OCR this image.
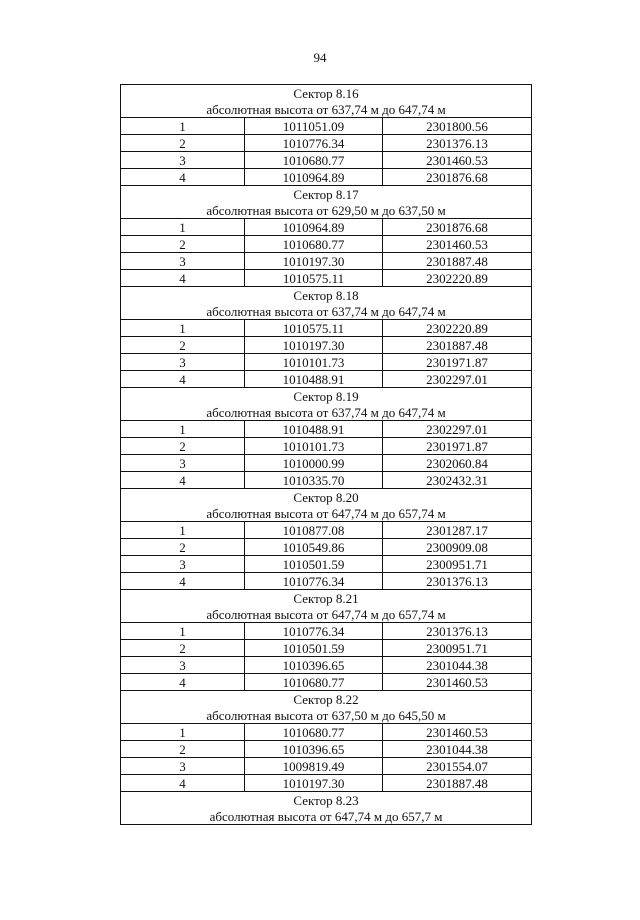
94
Сектор 8.16		
абсолютная высота от 637,74 м до 647,74 м		
1	1011051.09	2301800.56
2	1010776.34	2301376.13
3	1010680.77	2301460.53
4	1010964.89	2301876.68
Сектор 8.17		
абсолютная высота от 629,50 м до 637,50 м		
1	1010964.89	2301876.68
2	1010680.77	2301460.53
3	1010197.30	2301887.48
4	1010575.11	2302220.89
Сектор 8.18		
абсолютная высота от 637,74 м до 647,74 м		
1	1010575.11	2302220.89
2	1010197.30	2301887.48
3	1010101.73	2301971.87
4	1010488.91	2302297.01
Сектор 8.19		
абсолютная высота от 637,74 м до 647,74 м		
1	1010488.91	2302297.01
2	1010101.73	2301971.87
3	1010000.99	2302060.84
4	1010335.70	2302432.31
Сектор 8.20		
абсолютная высота от 647,74 м до 657,74 м		
1	1010877.08	2301287.17
2	1010549.86	2300909.08
3	1010501.59	2300951.71
4	1010776.34	2301376.13
Сектор 8.21		
абсолютная высота от 647,74 м до 657,74 м		
1	1010776.34	2301376.13
2	1010501.59	2300951.71
3	1010396.65	2301044.38
4	1010680.77	2301460.53
Сектор 8.22		
абсолютная высота от 637,50 м до 645,50 м		
1	1010680.77	2301460.53
2	1010396.65	2301044.38
3	1009819.49	2301554.07
4	1010197.30	2301887.48
Сектор 8.23		
абсолютная высота от 647,74 м до 657,7 м		
